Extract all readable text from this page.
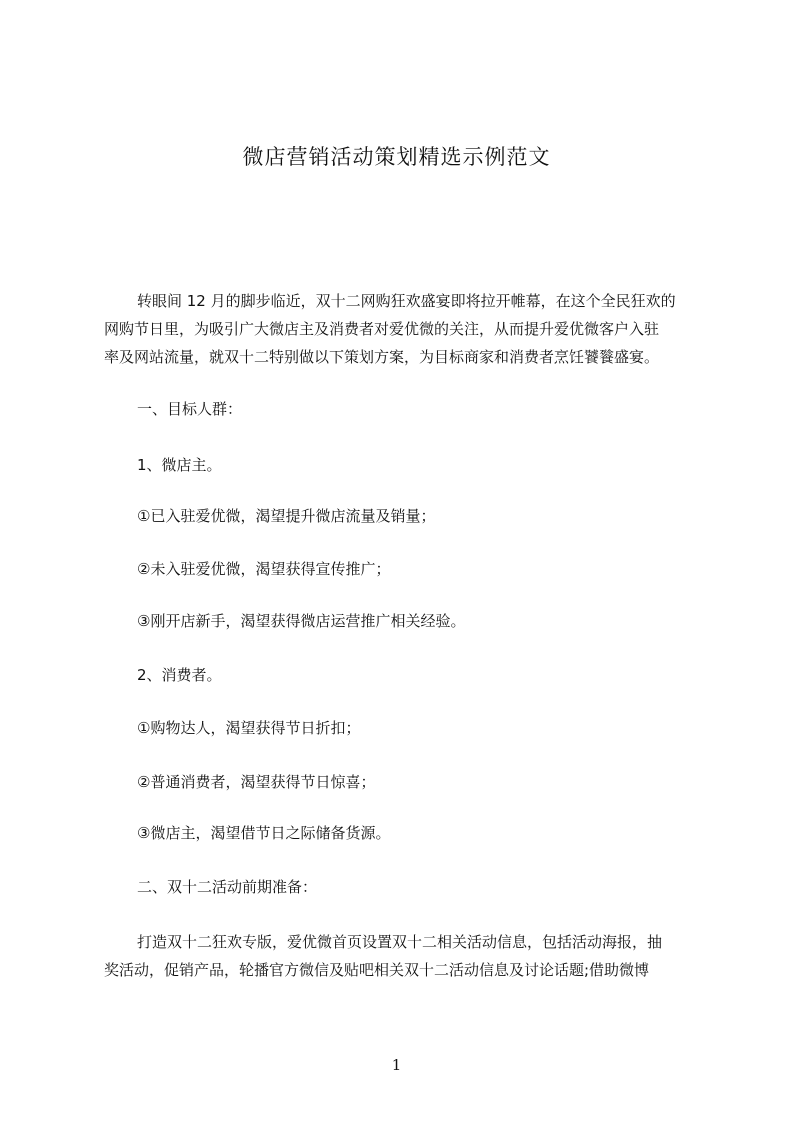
微店营销活动策划精选示例范文

转眼间 12 月的脚步临近，双十二网购狂欢盛宴即将拉开帷幕，在这个全民狂欢的
网购节日里，为吸引广大微店主及消费者对爱优微的关注，从而提升爱优微客户入驻
率及网站流量，就双十二特别做以下策划方案，为目标商家和消费者烹饪饕餮盛宴。

一、目标人群：

1、微店主。

①已入驻爱优微，渴望提升微店流量及销量；

②未入驻爱优微，渴望获得宣传推广；

③刚开店新手，渴望获得微店运营推广相关经验。

2、消费者。

①购物达人，渴望获得节日折扣；

②普通消费者，渴望获得节日惊喜；

③微店主，渴望借节日之际储备货源。

二、双十二活动前期准备：

打造双十二狂欢专版，爱优微首页设置双十二相关活动信息，包括活动海报，抽
奖活动，促销产品，轮播官方微信及贴吧相关双十二活动信息及讨论话题;借助微博

1
